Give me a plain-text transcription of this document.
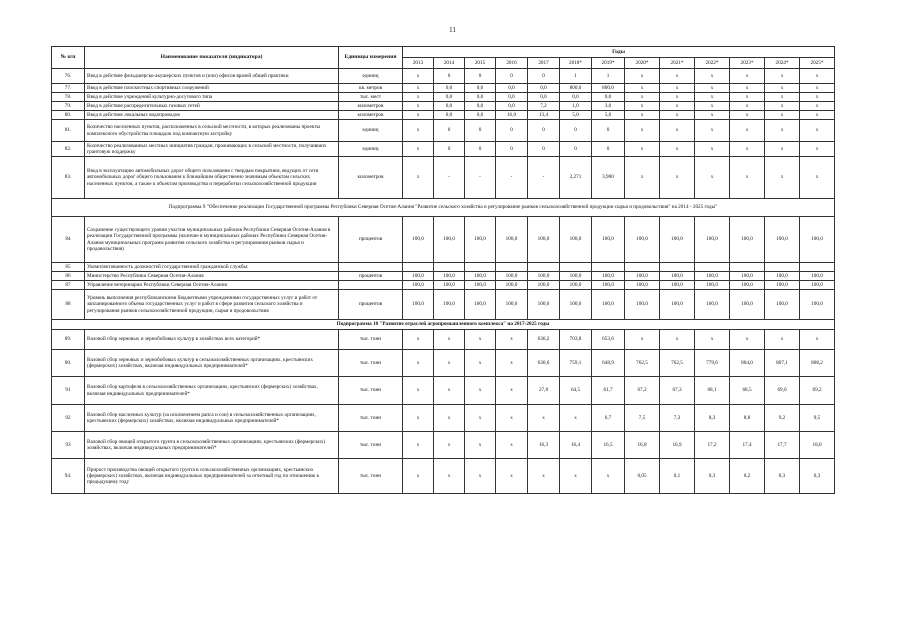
11
№ п/п	Наименование показателя (индикатора)	Единицы измерения	Годы												
			2013	2014	2015	2016	2017	2018*	2019*	2020*	2021*	2022*	2023*	2024*	2025*
76.	Ввод в действие фельдшерско-акушерских пунктов и (или) офисов врачей общей практики	единиц	х	0	0	0	0	1	1	х	х	х	х	х	х
77.	Ввод в действие плоскостных спортивных сооружений	кв. метров	х	0,0	0,0	0,0	0,0	800,0	800,0	х	х	х	х	х	х
78.	Ввод в действие учреждений культурно-досугового типа	тыс. мест	х	0,0	0,0	0,0	0,0	0,0	0,0	х	х	х	х	х	х
79.	Ввод в действие распределительных газовых сетей	километров	х	0,0	0,0	0,0	7,2	1,0	3,0	х	х	х	х	х	х
80.	Ввод в действие локальных водопроводов	километров	х	0,0	0,0	16,0	13,4	5,0	5,0	х	х	х	х	х	х
81.	Количество населенных пунктов, расположенных в сельской местности, в которых реализованы проекты комплексного обустройства площадок под компактную застройку	единиц	х	0	0	0	0	0	0	х	х	х	х	х	х
82.	Количество реализованных местных инициатив граждан, проживающих в сельской местности, получивших грантовую поддержку	единиц	х	0	0	0	0	0	0	х	х	х	х	х	х
83.	Ввод в эксплуатацию автомобильных дорог общего пользования с твердым покрытием, ведущих от сети автомобильных дорог общего пользования к ближайшим общественно значимым объектам сельских населенных пунктов, а также к объектам производства и переработки сельскохозяйственной продукции	километров	х	-	-	-	-	2,271	3,900	х	х	х	х	х	х
Подпрограмма 9 "Обеспечение реализации Государственной программы Республики Северная Осетия-Алания "Развитие сельского хозяйства и регулирование рынков сельскохозяйственной продукции сырья и продовольствия" на 2014 - 2025 годы"															
84	Сохранение существующего уровня участия муниципальных районов Республики Северная Осетия-Алания в реализации Государственной программы (наличие в муниципальных районах Республики Северная Осетия-Алания муниципальных программ развития сельского хозяйства и регулирования рынков сырья и продовольствия)	процентов	100,0	100,0	100,0	100,0	100,0	100,0	100,0	100,0	100,0	100,0	100,0	100,0	100,0
85	Укомплектованность должностей государственной гражданской службы:														
86	Министерство Республики Северная Осетия-Алания	процентов	100,0	100,0	100,0	100,0	100,0	100,0	100,0	100,0	100,0	100,0	100,0	100,0	100,0
87	Управление ветеринарии Республики Северная Осетия-Алания		100,0	100,0	100,0	100,0	100,0	100,0	100,0	100,0	100,0	100,0	100,0	100,0	100,0
88	Уровень выполнения республиканскими бюджетными учреждениями государственных услуг и работ от запланированного объема государственных услуг и работ в сфере развития сельского хозяйства и регулирования рынков сельскохозяйственной продукции, сырья и продовольствия	процентов	100,0	100,0	100,0	100,0	100,0	100,0	100,0	100,0	100,0	100,0	100,0	100,0	100,0
Подпрограмма 10 "Развитие отраслей агропромышленного комплекса" на 2017-2025 годы															
89.	Валовой сбор зерновых и зернобобовых культур в хозяйствах всех категорий*	тыс. тонн	х	х	х	х	636,2	703,8	653,6	х	х	х	х	х	х
90.	Валовой сбор зерновых и зернобобовых культур в сельскохозяйственных организациях, крестьянских (фермерских) хозяйствах, включая индивидуальных предпринимателей*	тыс. тонн	х	х	х	х	630,6	759,1	648,9	762,5	762,5	779,6	804,0	807,1	808,2
91	Валовой сбор картофеля в сельскохозяйственных организациях, крестьянских (фермерских) хозяйствах, включая индивидуальных предпринимателей*	тыс. тонн	х	х	х	х	27,8	64,5	61,7	67,2	67,3	68,1	68,5	69,0	69,2
92	Валовой сбор масличных культур (за исключением рапса и сои) в сельскохозяйственных организациях, крестьянских (фермерских) хозяйствах, включая индивидуальных предпринимателей*	тыс. тонн	х	х	х	х	х	х	6,7	7,5	7,3	8,3	8,8	9,2	9,5
93	Валовой сбор овощей открытого грунта в сельскохозяйственных организациях, крестьянских (фермерских) хозяйствах, включая индивидуальных предпринимателей*	тыс. тонн	х	х	х	х	16,3	16,4	16,5	16,8	16,9	17,2	17,4	17,7	18,0
94.	Прирост производства овощей открытого грунта в сельскохозяйственных организациях, крестьянских (фермерских) хозяйствах, включая индивидуальных предпринимателей за отчетный год по отношению к предыдущему году	тыс. тонн	х	х	х	х	х	х	х	0,05	0,1	0,3	0,2	0,3	0,3
